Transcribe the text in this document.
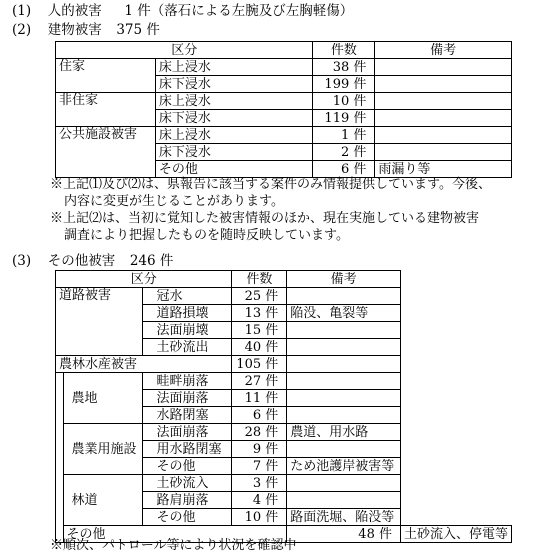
(1) 人的被害 1 件（落石による左腕及び左胸軽傷）
(2) 建物被害 375 件
区分		件数	備考
住家	床上浸水	38 件	
	床下浸水	199 件	
非住家	床上浸水	10 件	
	床下浸水	119 件	
公共施設被害	床上浸水	1 件	
	床下浸水	2 件	
	その他	6 件	雨漏り等
※上記⑴及び⑵は、県報告に該当する案件のみ情報提供しています。今後、
内容に変更が生じることがあります。
※上記⑵は、当初に覚知した被害情報のほか、現在実施している建物被害
調査により把握したものを随時反映しています。
(3) その他被害 246 件
区分			件数	備考	
道路被害		冠水	25 件		
		道路損壊	13 件	陥没、亀裂等	
		法面崩壊	15 件		
		土砂流出	40 件		
農林水産被害			105 件		
	農地	畦畔崩落	27 件		
		法面崩落	11 件		
		水路閉塞	6 件		
	農業用施設	法面崩落	28 件	農道、用水路	
		用水路閉塞	9 件		
		その他	7 件	ため池護岸被害等	
	林道	土砂流入	3 件		
		路肩崩落	4 件		
		その他	10 件	路面洗堀、陥没等	
	その他			48 件	土砂流入、停電等
※順次、パトロール等により状況を確認中
